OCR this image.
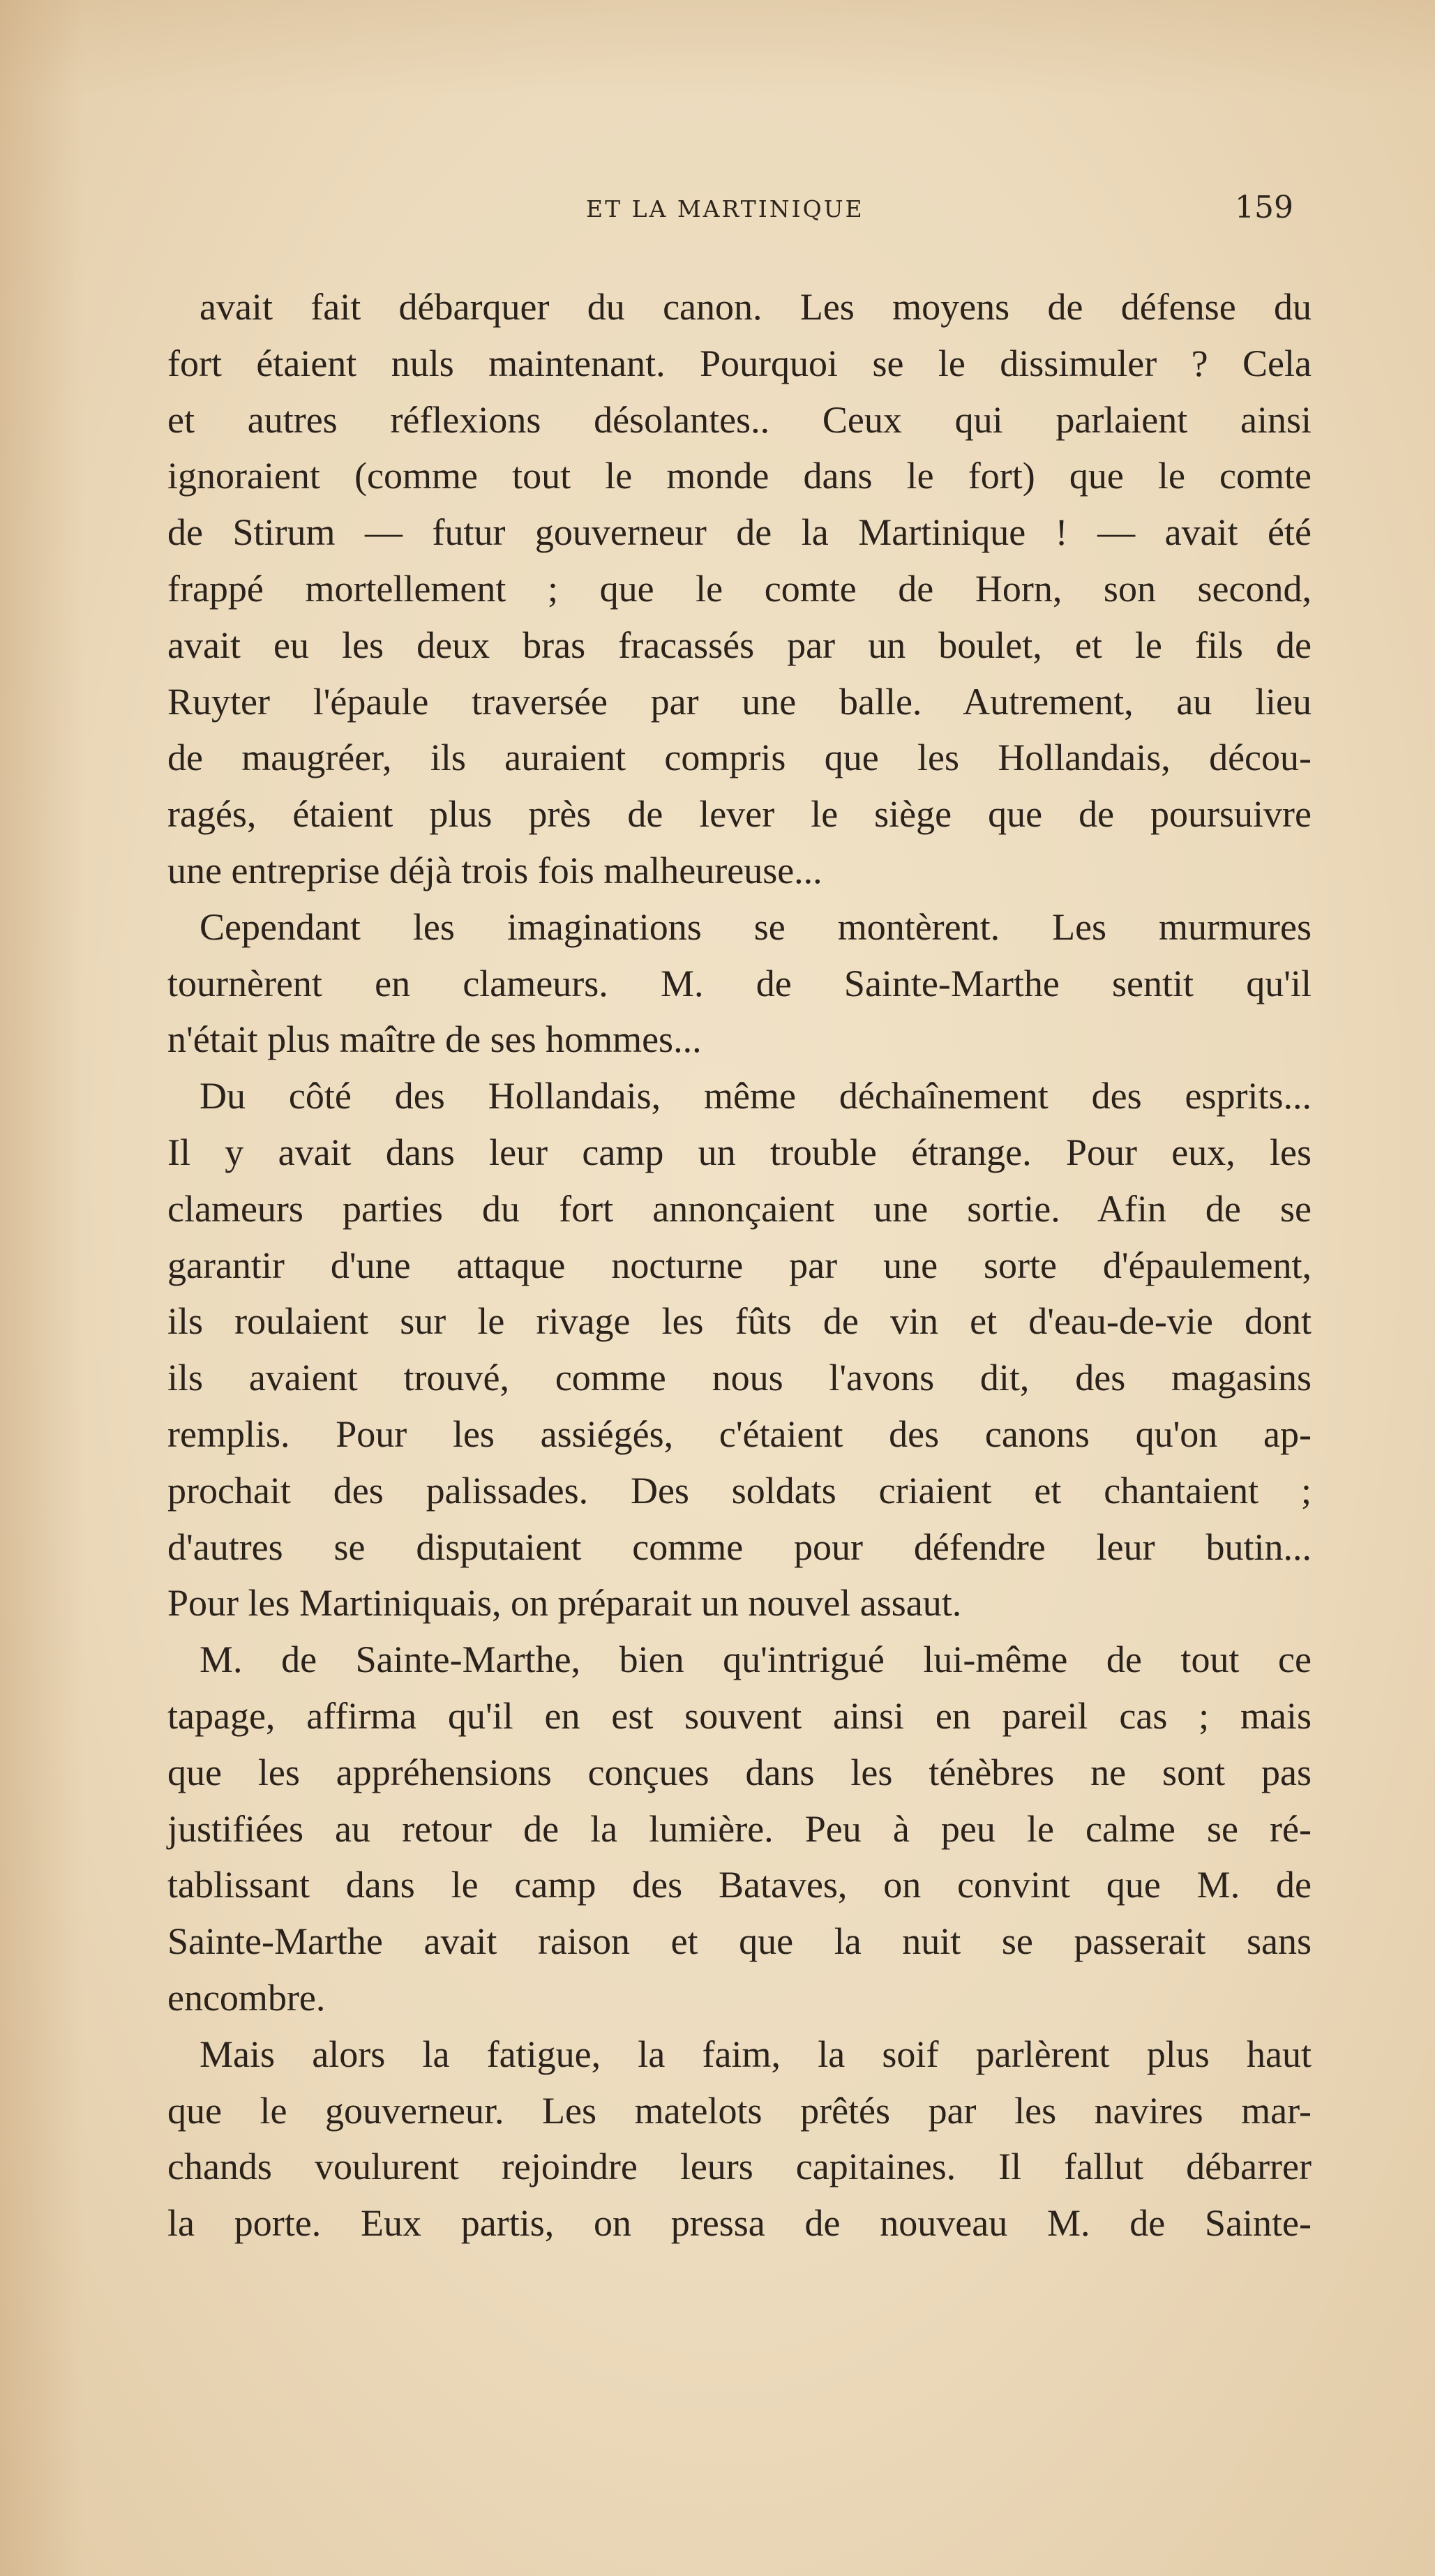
ET LA MARTINIQUE	159
avait fait débarquer du canon. Les moyens de défense du
fort étaient nuls maintenant. Pourquoi se le dissimuler ? Cela
et autres réflexions désolantes.. Ceux qui parlaient ainsi
ignoraient (comme tout le monde dans le fort) que le comte
de Stirum — futur gouverneur de la Martinique ! — avait été
frappé mortellement ; que le comte de Horn, son second,
avait eu les deux bras fracassés par un boulet, et le fils de
Ruyter l'épaule traversée par une balle. Autrement, au lieu
de maugréer, ils auraient compris que les Hollandais, décou-
ragés, étaient plus près de lever le siège que de poursuivre
une entreprise déjà trois fois malheureuse...
Cependant les imaginations se montèrent. Les murmures
tournèrent en clameurs. M. de Sainte-Marthe sentit qu'il
n'était plus maître de ses hommes...
Du côté des Hollandais, même déchaînement des esprits...
Il y avait dans leur camp un trouble étrange. Pour eux, les
clameurs parties du fort annonçaient une sortie. Afin de se
garantir d'une attaque nocturne par une sorte d'épaulement,
ils roulaient sur le rivage les fûts de vin et d'eau-de-vie dont
ils avaient trouvé, comme nous l'avons dit, des magasins
remplis. Pour les assiégés, c'étaient des canons qu'on ap-
prochait des palissades. Des soldats criaient et chantaient ;
d'autres se disputaient comme pour défendre leur butin...
Pour les Martiniquais, on préparait un nouvel assaut.
M. de Sainte-Marthe, bien qu'intrigué lui-même de tout ce
tapage, affirma qu'il en est souvent ainsi en pareil cas ; mais
que les appréhensions conçues dans les ténèbres ne sont pas
justifiées au retour de la lumière. Peu à peu le calme se ré-
tablissant dans le camp des Bataves, on convint que M. de
Sainte-Marthe avait raison et que la nuit se passerait sans
encombre.
Mais alors la fatigue, la faim, la soif parlèrent plus haut
que le gouverneur. Les matelots prêtés par les navires mar-
chands voulurent rejoindre leurs capitaines. Il fallut débarrer
la porte. Eux partis, on pressa de nouveau M. de Sainte-
